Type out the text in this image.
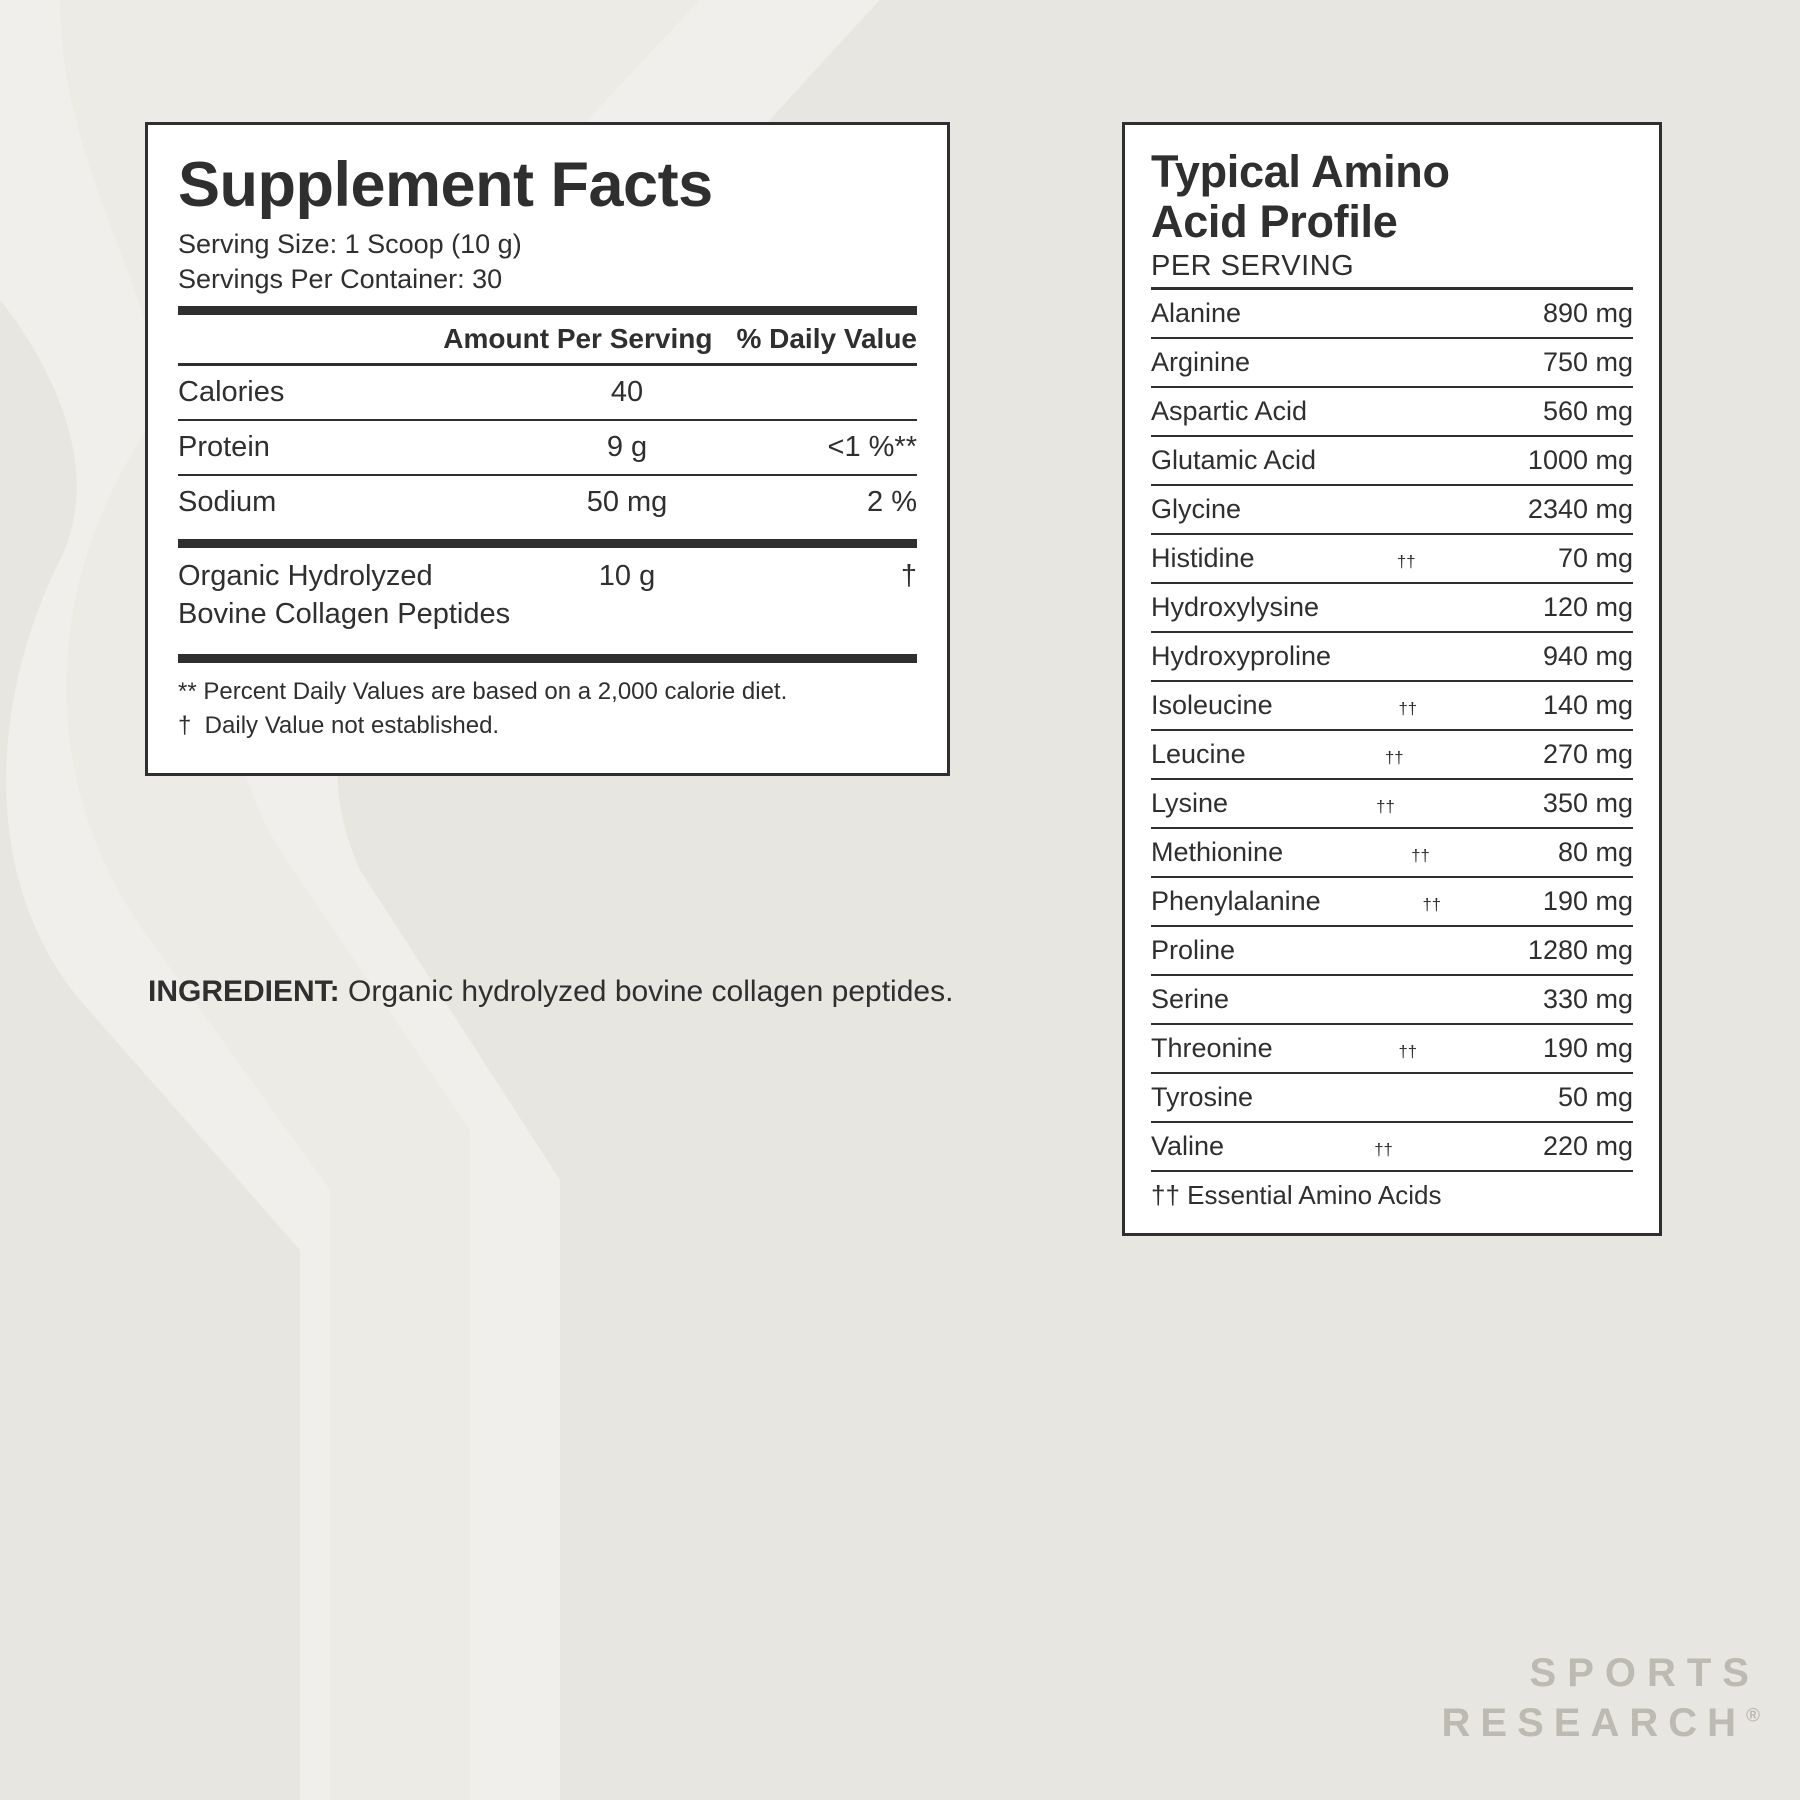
Supplement Facts
Serving Size: 1 Scoop (10 g)
Servings Per Container: 30
Amount Per Serving % Daily Value
Calories	40
Protein	9 g	<1 %**
Sodium	50 mg	2 %
Organic Hydrolyzed
Bovine Collagen Peptides
10 g	†
** Percent Daily Values are based on a 2,000 calorie diet.
†  Daily Value not established.

INGREDIENT: Organic hydrolyzed bovine collagen peptides.

Typical Amino
Acid Profile
PER SERVING
Alanine	890 mg
Arginine	750 mg
Aspartic Acid	560 mg
Glutamic Acid	1000 mg
Glycine	2340 mg
Histidine	††	70 mg
Hydroxylysine	120 mg
Hydroxyproline	940 mg
Isoleucine	††	140 mg
Leucine	††	270 mg
Lysine	††	350 mg
Methionine	††	80 mg
Phenylalanine	††	190 mg
Proline	1280 mg
Serine	330 mg
Threonine	††	190 mg
Tyrosine	50 mg
Valine	††	220 mg
†† Essential Amino Acids
SPORTS
RESEARCH®
